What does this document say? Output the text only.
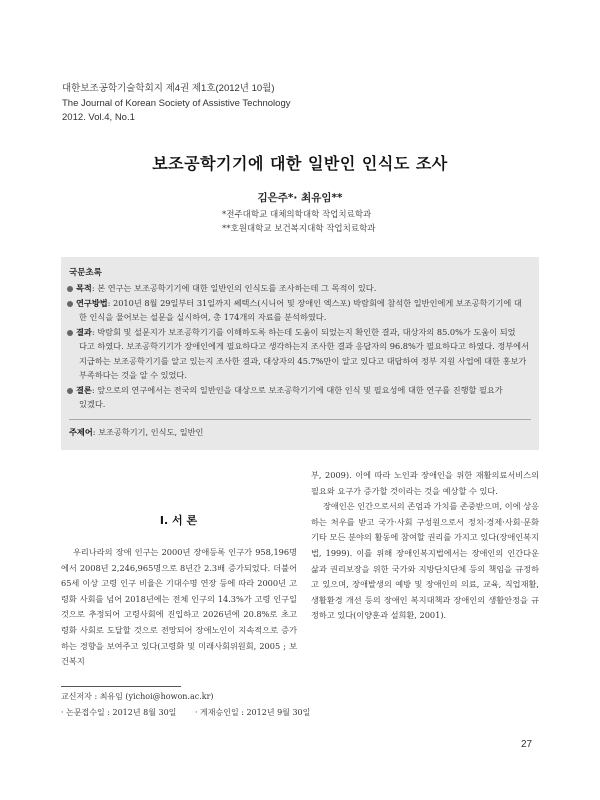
대한보조공학기술학회지 제4권 제1호(2012년 10월)
The Journal of Korean Society of Assistive Technology
2012. Vol.4, No.1
보조공학기기에 대한 일반인 인식도 조사
김은주*· 최유임**
*전주대학교 대체의학대학 작업치료학과
**호원대학교 보건복지대학 작업치료학과
국문초록
목적: 본 연구는 보조공학기기에 대한 일반인의 인식도를 조사하는데 그 목적이 있다.
연구방법: 2010년 8월 29일부터 31일까지 쎄텍스(시니어 및 장애인 엑스포) 박람회에 참석한 일반인에게 보조공학기기에 대
한 인식을 물어보는 설문을 실시하여, 총 174개의 자료를 분석하였다.
결과: 박람회 및 설문지가 보조공학기기를 이해하도록 하는데 도움이 되었는지 확인한 결과, 대상자의 85.0%가 도움이 되었
다고 하였다. 보조공학기기가 장애인에게 필요하다고 생각하는지 조사한 결과 응답자의 96.8%가 필요하다고 하였다. 정부에서 지급하는 보조공학기기를 알고 있는지 조사한 결과, 대상자의 45.7%만이 알고 있다고 대답하여 정부 지원 사업에 대한 홍보가 부족하다는 것을 알 수 있었다.
결론: 앞으로의 연구에서는 전국의 일반인을 대상으로 보조공학기기에 대한 인식 및 필요성에 대한 연구를 진행할 필요가
있겠다.
주제어: 보조공학기기, 인식도, 일반인
I. 서 론

우리나라의 장애 인구는 2000년 장애등록 인구가 958,196명에서 2008년 2,246,965명으로 8년간 2.3배 증가되었다. 더불어 65세 이상 고령 인구 비율은 기대수명 연장 등에 따라 2000년 고령화 사회를 넘어 2018년에는 전체 인구의 14.3%가 고령 인구일 것으로 추정되어 고령사회에 진입하고 2026년에 20.8%로 초고령화 사회로 도달할 것으로 전망되어 장애노인이 지속적으로 증가하는 경향을 보여주고 있다(고령화 및 미래사회위원회, 2005 ; 보건복지

부, 2009). 이에 따라 노인과 장애인을 위한 재활의료서비스의 필요와 요구가 증가할 것이라는 것을 예상할 수 있다.

장애인은 인간으로서의 존엄과 가치를 존중받으며, 이에 상응하는 처우를 받고 국가·사회 구성원으로서 정치·경제·사회·문화 기타 모든 분야의 활동에 참여할 권리를 가지고 있다(장애인복지법, 1999). 이를 위해 장애인복지법에서는 장애인의 인간다운 삶과 권리보장을 위한 국가와 지방단치단체 등의 책임을 규정하고 있으며, 장애발생의 예방 및 장애인의 의료, 교육, 직업재활, 생활환경 개선 등의 장애인 복지대책과 장애인의 생활안정을 규정하고 있다(이양훈과 설희환, 2001).

교신저자 : 최유임 (yichoi@howon.ac.kr)
· 논문접수일 : 2012년 8월 30일 · 게재승인일 : 2012년 9월 30일
27
